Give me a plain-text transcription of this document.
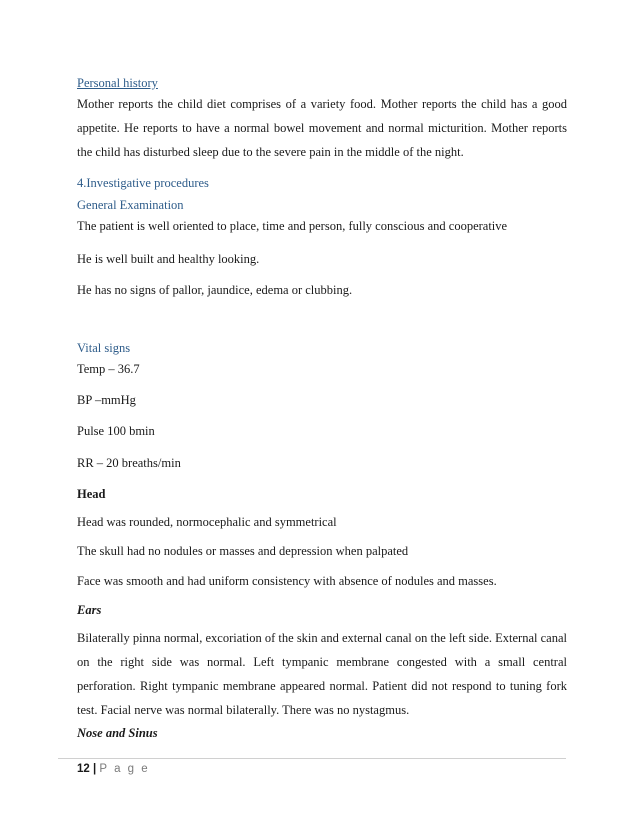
Personal history
Mother reports the child diet comprises of a variety food. Mother reports the child has a good appetite. He reports to have a normal bowel movement and normal micturition. Mother reports the child has disturbed sleep due to the severe pain in the middle of the night.
4.Investigative procedures
General Examination
The patient is well oriented to place, time and person, fully conscious and cooperative
He is well built and healthy looking.
He has no signs of pallor, jaundice, edema or clubbing.
Vital signs
Temp – 36.7
BP –mmHg
Pulse 100 bmin
RR – 20 breaths/min
Head
Head was rounded, normocephalic and symmetrical
The skull had no nodules or masses and depression when palpated
Face was smooth and had uniform consistency with absence of nodules and masses.
Ears
Bilaterally pinna normal, excoriation of the skin and external canal on the left side. External canal on the right side was normal. Left tympanic membrane congested with a small central perforation. Right tympanic membrane appeared normal. Patient did not respond to tuning fork test. Facial nerve was normal bilaterally. There was no nystagmus.
Nose and Sinus
12 | P a g e
